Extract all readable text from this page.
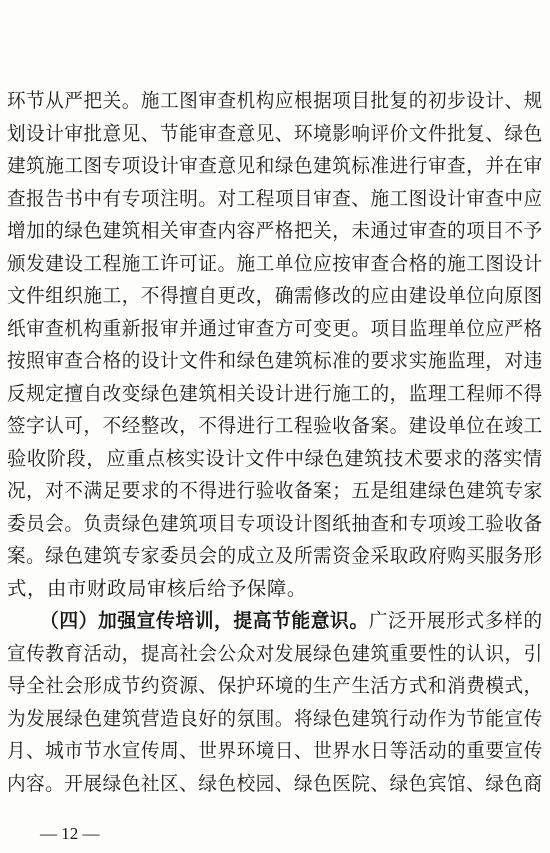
环节从严把关。施工图审查机构应根据项目批复的初步设计、规
划设计审批意见、节能审查意见、环境影响评价文件批复、绿色
建筑施工图专项设计审查意见和绿色建筑标准进行审查，并在审
查报告书中有专项注明。对工程项目审查、施工图设计审查中应
增加的绿色建筑相关审查内容严格把关，未通过审查的项目不予
颁发建设工程施工许可证。施工单位应按审查合格的施工图设计
文件组织施工，不得擅自更改，确需修改的应由建设单位向原图
纸审查机构重新报审并通过审查方可变更。项目监理单位应严格
按照审查合格的设计文件和绿色建筑标准的要求实施监理，对违
反规定擅自改变绿色建筑相关设计进行施工的，监理工程师不得
签字认可，不经整改，不得进行工程验收备案。建设单位在竣工
验收阶段，应重点核实设计文件中绿色建筑技术要求的落实情
况，对不满足要求的不得进行验收备案；五是组建绿色建筑专家
委员会。负责绿色建筑项目专项设计图纸抽查和专项竣工验收备
案。绿色建筑专家委员会的成立及所需资金采取政府购买服务形
式，由市财政局审核后给予保障。
（四）加强宣传培训，提高节能意识。广泛开展形式多样的
宣传教育活动，提高社会公众对发展绿色建筑重要性的认识，引
导全社会形成节约资源、保护环境的生产生活方式和消费模式，
为发展绿色建筑营造良好的氛围。将绿色建筑行动作为节能宣传
月、城市节水宣传周、世界环境日、世界水日等活动的重要宣传
内容。开展绿色社区、绿色校园、绿色医院、绿色宾馆、绿色商
— 12 —
